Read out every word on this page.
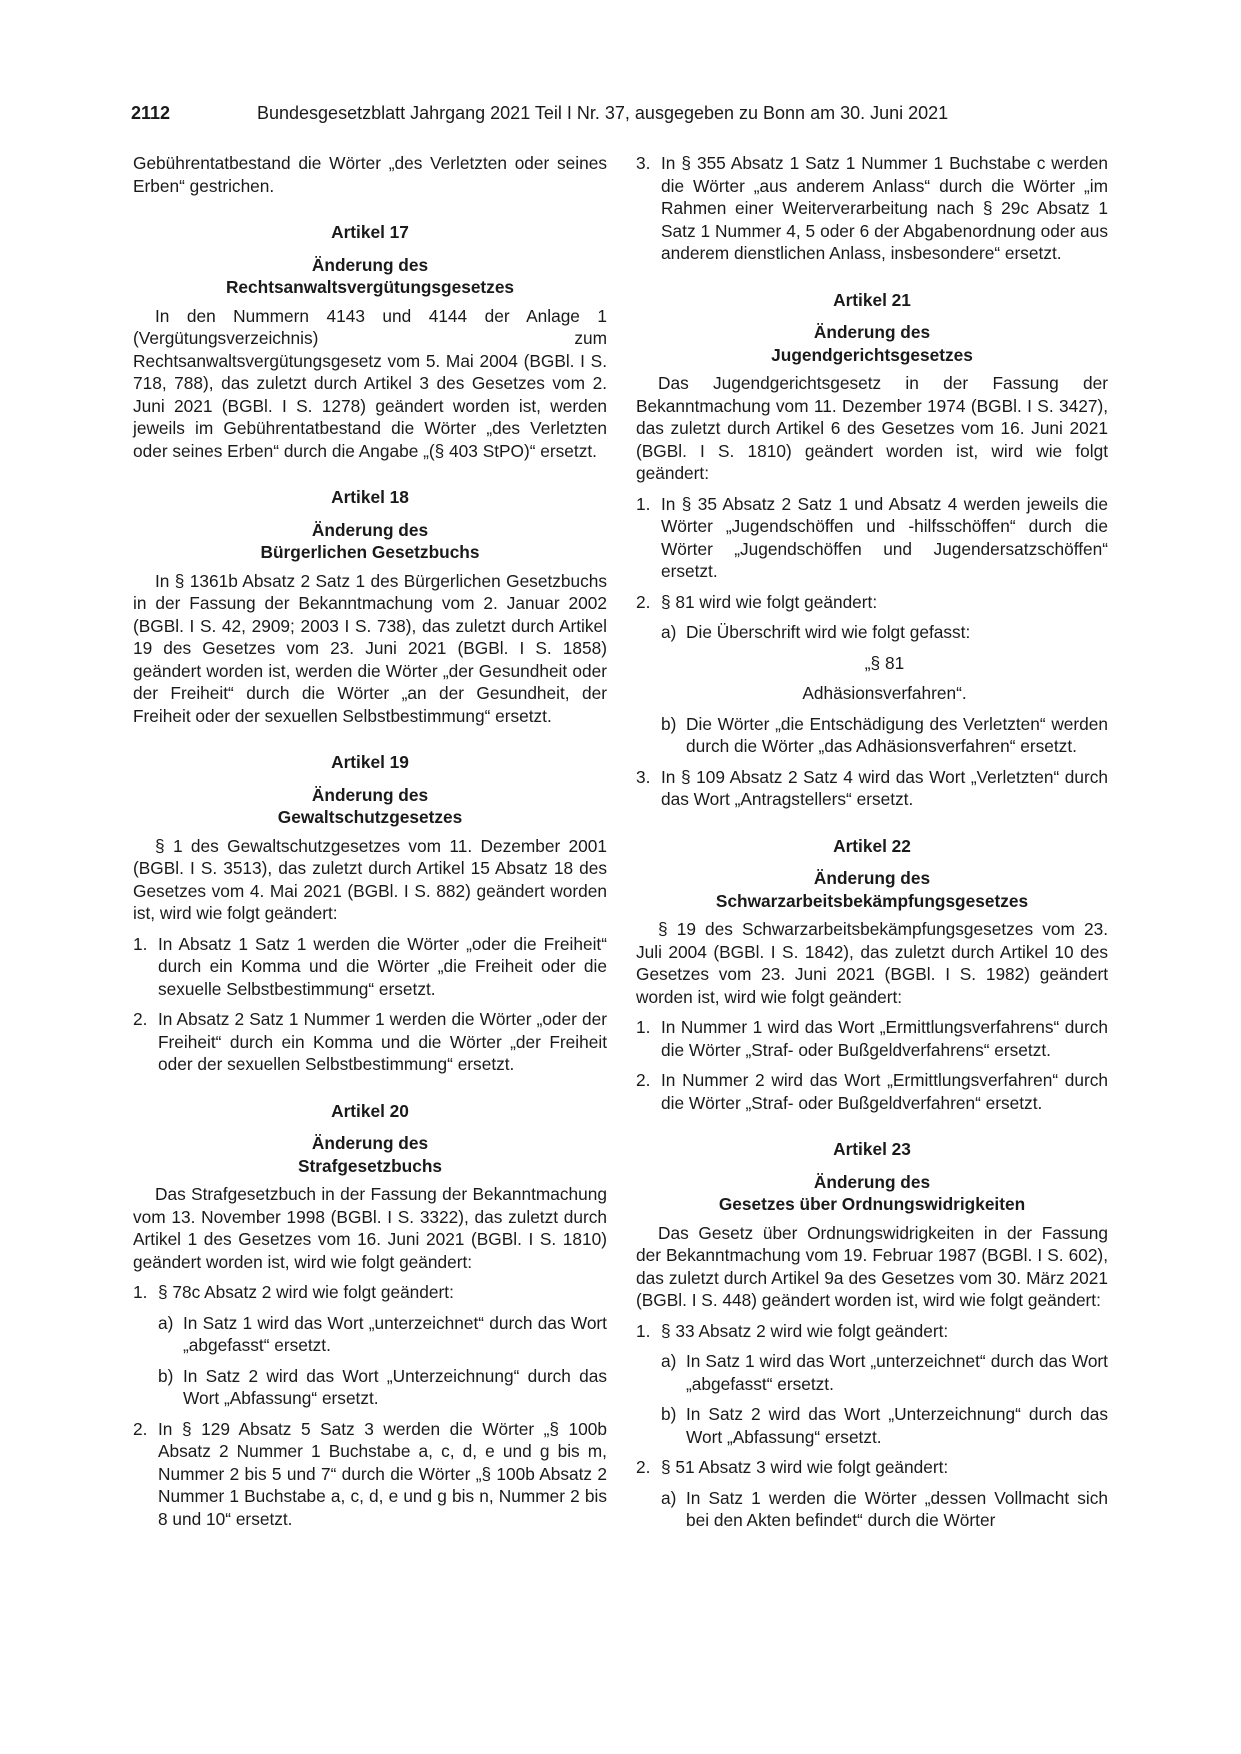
2112	Bundesgesetzblatt Jahrgang 2021 Teil I Nr. 37, ausgegeben zu Bonn am 30. Juni 2021

Gebührentatbestand die Wörter „des Verletzten oder seines Erben“ gestrichen.

Artikel 17
Änderung des
Rechtsanwaltsvergütungsgesetzes

In den Nummern 4143 und 4144 der Anlage 1 (Vergütungsverzeichnis) zum Rechtsanwaltsvergütungsgesetz vom 5. Mai 2004 (BGBl. I S. 718, 788), das zuletzt durch Artikel 3 des Gesetzes vom 2. Juni 2021 (BGBl. I S. 1278) geändert worden ist, werden jeweils im Gebührentatbestand die Wörter „des Verletzten oder seines Erben“ durch die Angabe „(§ 403 StPO)“ ersetzt.

Artikel 18
Änderung des
Bürgerlichen Gesetzbuchs

In § 1361b Absatz 2 Satz 1 des Bürgerlichen Gesetzbuchs in der Fassung der Bekanntmachung vom 2. Januar 2002 (BGBl. I S. 42, 2909; 2003 I S. 738), das zuletzt durch Artikel 19 des Gesetzes vom 23. Juni 2021 (BGBl. I S. 1858) geändert worden ist, werden die Wörter „der Gesundheit oder der Freiheit“ durch die Wörter „an der Gesundheit, der Freiheit oder der sexuellen Selbstbestimmung“ ersetzt.

Artikel 19
Änderung des
Gewaltschutzgesetzes

§ 1 des Gewaltschutzgesetzes vom 11. Dezember 2001 (BGBl. I S. 3513), das zuletzt durch Artikel 15 Absatz 18 des Gesetzes vom 4. Mai 2021 (BGBl. I S. 882) geändert worden ist, wird wie folgt geändert:

1. In Absatz 1 Satz 1 werden die Wörter „oder die Freiheit“ durch ein Komma und die Wörter „die Freiheit oder die sexuelle Selbstbestimmung“ ersetzt.
2. In Absatz 2 Satz 1 Nummer 1 werden die Wörter „oder der Freiheit“ durch ein Komma und die Wörter „der Freiheit oder der sexuellen Selbstbestimmung“ ersetzt.
Artikel 20
Änderung des
Strafgesetzbuchs

Das Strafgesetzbuch in der Fassung der Bekanntmachung vom 13. November 1998 (BGBl. I S. 3322), das zuletzt durch Artikel 1 des Gesetzes vom 16. Juni 2021 (BGBl. I S. 1810) geändert worden ist, wird wie folgt geändert:

1. § 78c Absatz 2 wird wie folgt geändert:
a) In Satz 1 wird das Wort „unterzeichnet“ durch das Wort „abgefasst“ ersetzt.
b) In Satz 2 wird das Wort „Unterzeichnung“ durch das Wort „Abfassung“ ersetzt.
2. In § 129 Absatz 5 Satz 3 werden die Wörter „§ 100b Absatz 2 Nummer 1 Buchstabe a, c, d, e und g bis m, Nummer 2 bis 5 und 7“ durch die Wörter „§ 100b Absatz 2 Nummer 1 Buchstabe a, c, d, e und g bis n, Nummer 2 bis 8 und 10“ ersetzt.
3. In § 355 Absatz 1 Satz 1 Nummer 1 Buchstabe c werden die Wörter „aus anderem Anlass“ durch die Wörter „im Rahmen einer Weiterverarbeitung nach § 29c Absatz 1 Satz 1 Nummer 4, 5 oder 6 der Abgabenordnung oder aus anderem dienstlichen Anlass, insbesondere“ ersetzt.
Artikel 21
Änderung des
Jugendgerichtsgesetzes

Das Jugendgerichtsgesetz in der Fassung der Bekanntmachung vom 11. Dezember 1974 (BGBl. I S. 3427), das zuletzt durch Artikel 6 des Gesetzes vom 16. Juni 2021 (BGBl. I S. 1810) geändert worden ist, wird wie folgt geändert:

1. In § 35 Absatz 2 Satz 1 und Absatz 4 werden jeweils die Wörter „Jugendschöffen und -hilfsschöffen“ durch die Wörter „Jugendschöffen und Jugendersatzschöffen“ ersetzt.
2. § 81 wird wie folgt geändert:
a) Die Überschrift wird wie folgt gefasst:
„§ 81
Adhäsionsverfahren“.
b) Die Wörter „die Entschädigung des Verletzten“ werden durch die Wörter „das Adhäsionsverfahren“ ersetzt.
3. In § 109 Absatz 2 Satz 4 wird das Wort „Verletzten“ durch das Wort „Antragstellers“ ersetzt.
Artikel 22
Änderung des
Schwarzarbeitsbekämpfungsgesetzes

§ 19 des Schwarzarbeitsbekämpfungsgesetzes vom 23. Juli 2004 (BGBl. I S. 1842), das zuletzt durch Artikel 10 des Gesetzes vom 23. Juni 2021 (BGBl. I S. 1982) geändert worden ist, wird wie folgt geändert:

1. In Nummer 1 wird das Wort „Ermittlungsverfahrens“ durch die Wörter „Straf- oder Bußgeldverfahrens“ ersetzt.
2. In Nummer 2 wird das Wort „Ermittlungsverfahren“ durch die Wörter „Straf- oder Bußgeldverfahren“ ersetzt.
Artikel 23
Änderung des
Gesetzes über Ordnungswidrigkeiten

Das Gesetz über Ordnungswidrigkeiten in der Fassung der Bekanntmachung vom 19. Februar 1987 (BGBl. I S. 602), das zuletzt durch Artikel 9a des Gesetzes vom 30. März 2021 (BGBl. I S. 448) geändert worden ist, wird wie folgt geändert:

1. § 33 Absatz 2 wird wie folgt geändert:
a) In Satz 1 wird das Wort „unterzeichnet“ durch das Wort „abgefasst“ ersetzt.
b) In Satz 2 wird das Wort „Unterzeichnung“ durch das Wort „Abfassung“ ersetzt.
2. § 51 Absatz 3 wird wie folgt geändert:
a) In Satz 1 werden die Wörter „dessen Vollmacht sich bei den Akten befindet“ durch die Wörter
